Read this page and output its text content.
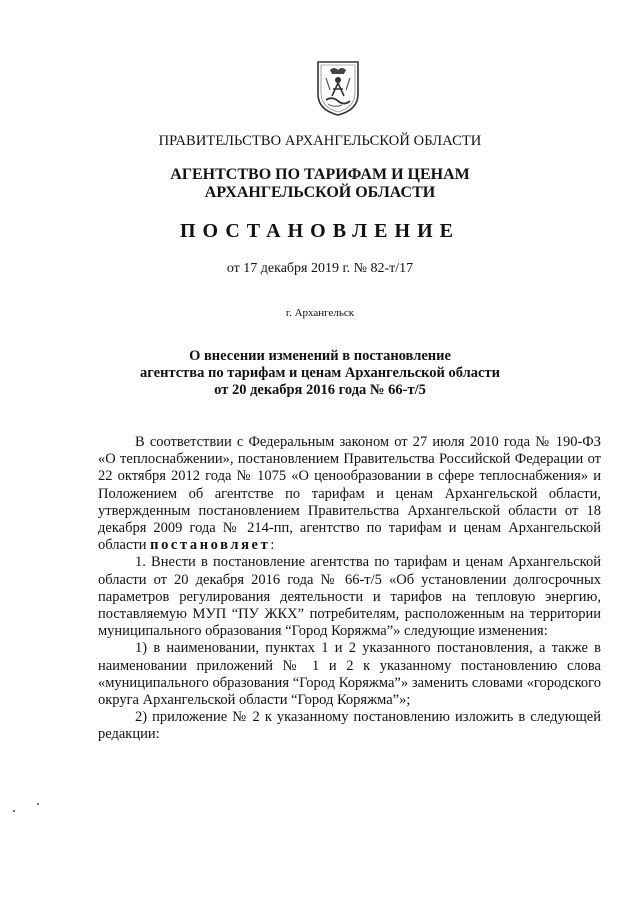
ПРАВИТЕЛЬСТВО АРХАНГЕЛЬСКОЙ ОБЛАСТИ
АГЕНТСТВО ПО ТАРИФАМ И ЦЕНАМ
АРХАНГЕЛЬСКОЙ ОБЛАСТИ
ПОСТАНОВЛЕНИЕ
от 17 декабря 2019 г. № 82-т/17
г. Архангельск
О внесении изменений в постановление
агентства по тарифам и ценам Архангельской области
от 20 декабря 2016 года № 66-т/5

В соответствии с Федеральным законом от 27 июля 2010 года № 190-ФЗ «О теплоснабжении», постановлением Правительства Российской Федерации от 22 октября 2012 года № 1075 «О ценообразовании в сфере теплоснабжения» и Положением об агентстве по тарифам и ценам Архангельской области, утвержденным постановлением Правительства Архангельской области от 18 декабря 2009 года № 214-пп, агентство по тарифам и ценам Архангельской области постановляет:

1. Внести в постановление агентства по тарифам и ценам Архангельской области от 20 декабря 2016 года № 66-т/5 «Об установлении долгосрочных параметров регулирования деятельности и тарифов на тепловую энергию, поставляемую МУП “ПУ ЖКХ” потребителям, расположенным на территории муниципального образования “Город Коряжма”» следующие изменения:

1) в наименовании, пунктах 1 и 2 указанного постановления, а также в наименовании приложений № 1 и 2 к указанному постановлению слова «муниципального образования “Город Коряжма”» заменить словами «городского округа Архангельской области “Город Коряжма”»;

2) приложение № 2 к указанному постановлению изложить в следующей редакции:
